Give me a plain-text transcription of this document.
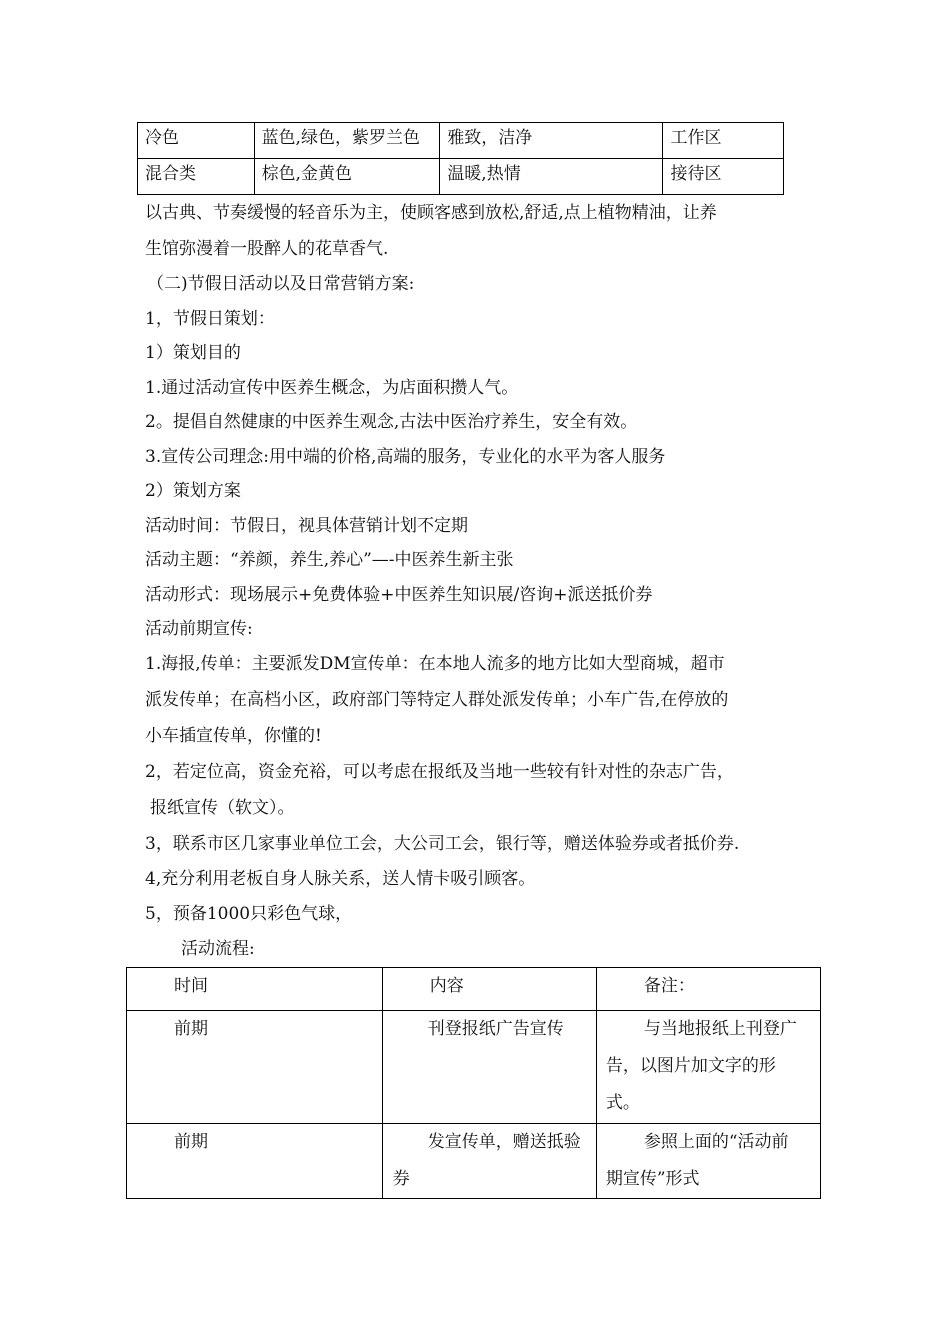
冷色	蓝色,绿色，紫罗兰色	雅致，洁净	工作区
混合类	棕色,金黄色	温暖,热情	接待区
以古典、节奏缓慢的轻音乐为主，使顾客感到放松,舒适,点上植物精油，让养
生馆弥漫着一股醉人的花草香气.
（二)节假日活动以及日常营销方案:
1，节假日策划：
1）策划目的
1.通过活动宣传中医养生概念，为店面积攒人气。
2。提倡自然健康的中医养生观念,古法中医治疗养生，安全有效。
3.宣传公司理念:用中端的价格,高端的服务，专业化的水平为客人服务
2）策划方案
活动时间：节假日，视具体营销计划不定期
活动主题：“养颜，养生,养心”—-中医养生新主张
活动形式：现场展示+免费体验+中医养生知识展/咨询+派送抵价券
活动前期宣传:
1.海报,传单：主要派发DM宣传单：在本地人流多的地方比如大型商城，超市
派发传单；在高档小区，政府部门等特定人群处派发传单；小车广告,在停放的
小车插宣传单，你懂的!
2，若定位高，资金充裕，可以考虑在报纸及当地一些较有针对性的杂志广告，
报纸宣传（软文）。
3，联系市区几家事业单位工会，大公司工会，银行等，赠送体验券或者抵价券.
4,充分利用老板自身人脉关系，送人情卡吸引顾客。
5，预备1000只彩色气球，
活动流程:
时间	内容	备注：

前期	刊登报纸广告宣传	与当地报纸上刊登广
告，以图片加文字的形
式。

前期	发宣传单，赠送抵验
券	参照上面的“活动前
期宣传”形式
